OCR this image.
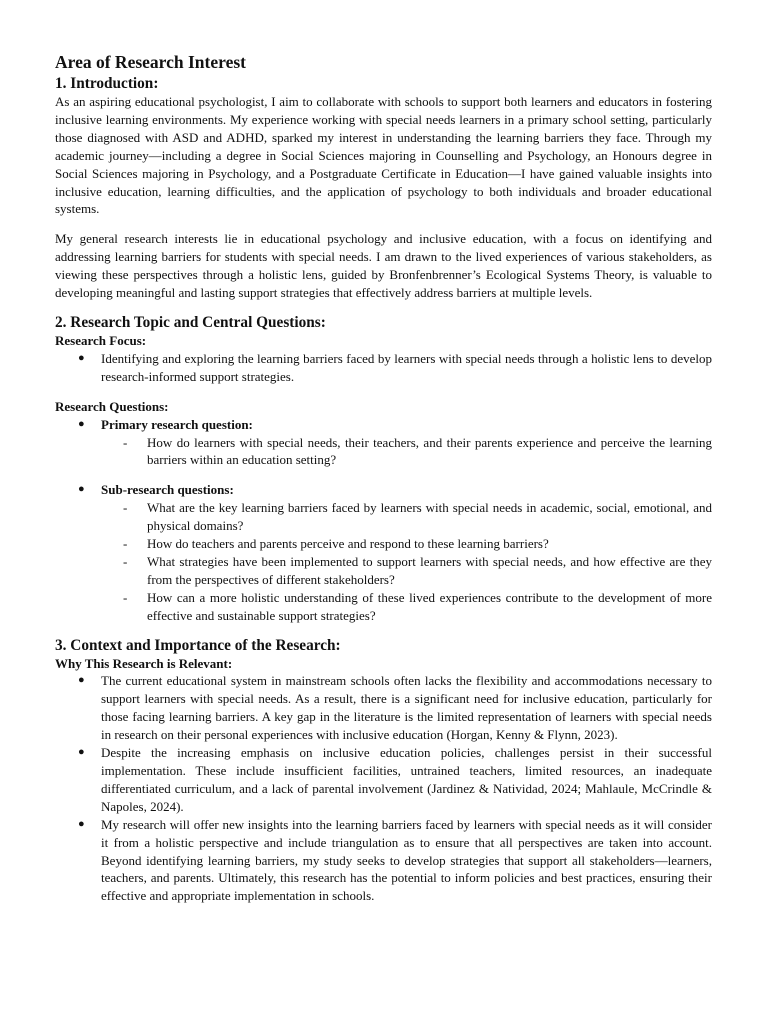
Area of Research Interest
1. Introduction:

As an aspiring educational psychologist, I aim to collaborate with schools to support both learners and educators in fostering inclusive learning environments. My experience working with special needs learners in a primary school setting, particularly those diagnosed with ASD and ADHD, sparked my interest in understanding the learning barriers they face. Through my academic journey—including a degree in Social Sciences majoring in Counselling and Psychology, an Honours degree in Social Sciences majoring in Psychology, and a Postgraduate Certificate in Education—I have gained valuable insights into inclusive education, learning difficulties, and the application of psychology to both individuals and broader educational systems.

My general research interests lie in educational psychology and inclusive education, with a focus on identifying and addressing learning barriers for students with special needs. I am drawn to the lived experiences of various stakeholders, as viewing these perspectives through a holistic lens, guided by Bronfenbrenner’s Ecological Systems Theory, is valuable to developing meaningful and lasting support strategies that effectively address barriers at multiple levels.

2. Research Topic and Central Questions:
Research Focus:
● Identifying and exploring the learning barriers faced by learners with special needs through a holistic lens to develop research-informed support strategies.
Research Questions:
● Primary research question:
- How do learners with special needs, their teachers, and their parents experience and perceive the learning barriers within an education setting?
● Sub-research questions:
- What are the key learning barriers faced by learners with special needs in academic, social, emotional, and physical domains?
- How do teachers and parents perceive and respond to these learning barriers?
- What strategies have been implemented to support learners with special needs, and how effective are they from the perspectives of different stakeholders?
- How can a more holistic understanding of these lived experiences contribute to the development of more effective and sustainable support strategies?
3. Context and Importance of the Research:
Why This Research is Relevant:
● The current educational system in mainstream schools often lacks the flexibility and accommodations necessary to support learners with special needs. As a result, there is a significant need for inclusive education, particularly for those facing learning barriers. A key gap in the literature is the limited representation of learners with special needs in research on their personal experiences with inclusive education (Horgan, Kenny & Flynn, 2023).
● Despite the increasing emphasis on inclusive education policies, challenges persist in their successful implementation. These include insufficient facilities, untrained teachers, limited resources, an inadequate differentiated curriculum, and a lack of parental involvement (Jardinez & Natividad, 2024; Mahlaule, McCrindle & Napoles, 2024).
● My research will offer new insights into the learning barriers faced by learners with special needs as it will consider it from a holistic perspective and include triangulation as to ensure that all perspectives are taken into account. Beyond identifying learning barriers, my study seeks to develop strategies that support all stakeholders—learners, teachers, and parents. Ultimately, this research has the potential to inform policies and best practices, ensuring their effective and appropriate implementation in schools.
